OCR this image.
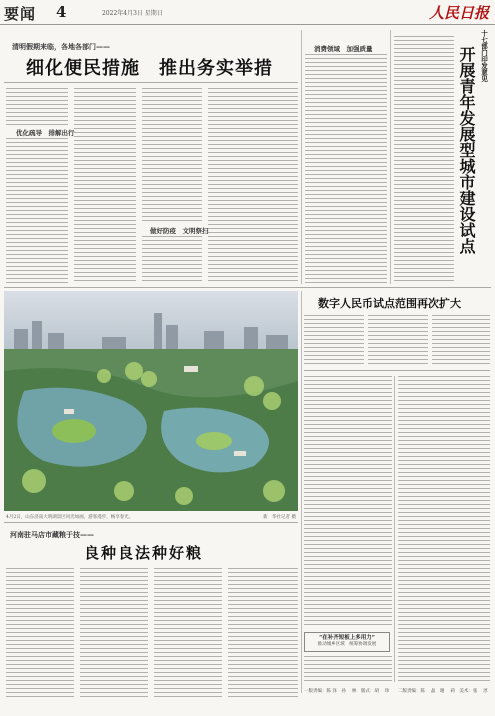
要闻 4	2022年4月3日 星期日	人民日报
清明假期来临，各地各部门——
细化便民措施　推出务实举措
优化疏导　排解出行
做好防疫　文明祭扫
消费领域　加强质量	十七部门印发意见
开展青年发展型城市建设试点
数字人民币试点范围再次扩大
“在补齐短板上多用力”
推动城乡区域　统筹协调发展
4月2日，山东济南大明湖景区风光如画，游客漫步，畅享春光。	新　华社记者 摄
河南驻马店市藏粮于技——
良种良法种好粮
一版责编：陈 泽　孙 　林　版式：胡 　珍	二版责编：陈 　晶　谢 　莉　美术：张 　淳
